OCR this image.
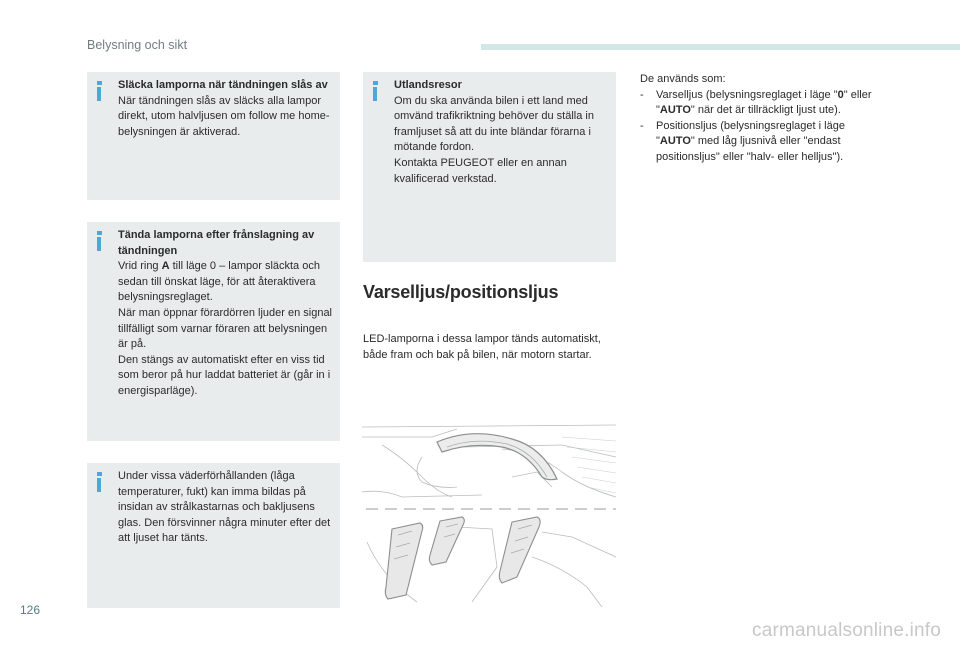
Belysning och sikt
Släcka lamporna när tändningen slås av

När tändningen slås av släcks alla lampor direkt, utom halvljusen om follow me home-belysningen är aktiverad.

Tända lamporna efter frånslagning av tändningen

Vrid ring A till läge 0 – lampor släckta och sedan till önskat läge, för att återaktivera belysningsreglaget.

När man öppnar förardörren ljuder en signal tillfälligt som varnar föraren att belysningen är på.

Den stängs av automatiskt efter en viss tid som beror på hur laddat batteriet är (går in i energisparläge).

Under vissa väderförhållanden (låga temperaturer, fukt) kan imma bildas på insidan av strålkastarnas och bakljusens glas. Den försvinner några minuter efter det att ljuset har tänts.

Utlandsresor

Om du ska använda bilen i ett land med omvänd trafikriktning behöver du ställa in framljuset så att du inte bländar förarna i mötande fordon.

Kontakta PEUGEOT eller en annan kvalificerad verkstad.

Varselljus/positionsljus
LED-lamporna i dessa lampor tänds automatiskt, både fram och bak på bilen, när motorn startar.
De används som:
- Varselljus (belysningsreglaget i läge "0" eller "AUTO" när det är tillräckligt ljust ute).
- Positionsljus (belysningsreglaget i läge "AUTO" med låg ljusnivå eller "endast positionsljus" eller "halv- eller helljus").
126
carmanualsonline.info
